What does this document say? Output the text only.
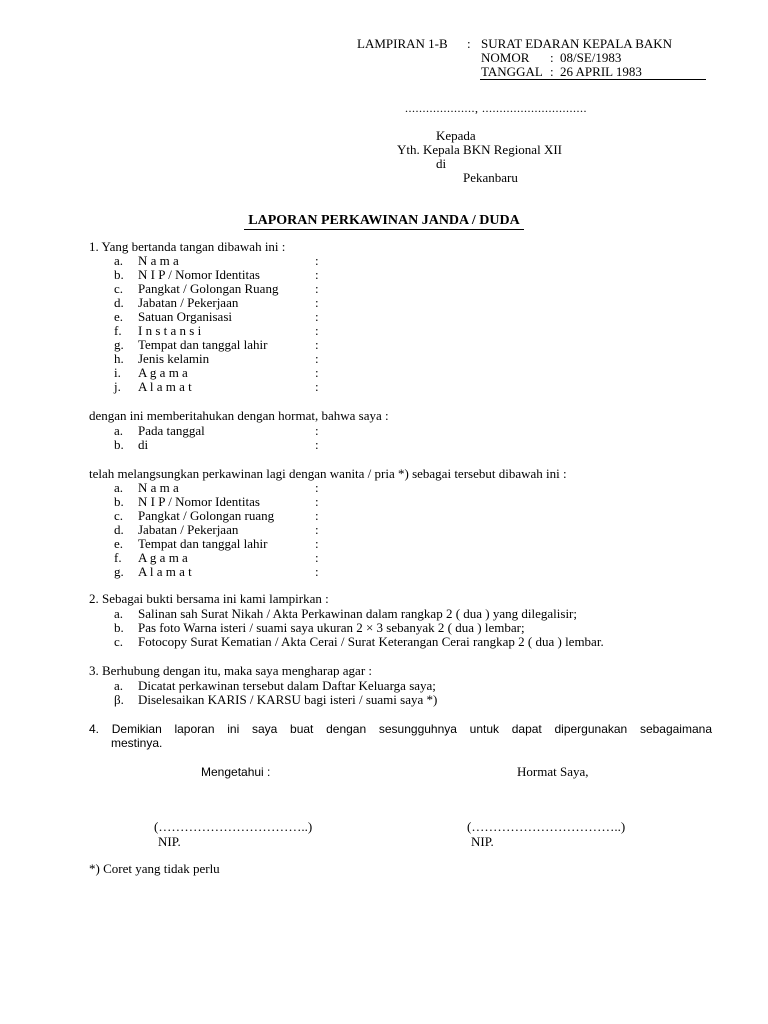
LAMPIRAN 1-B : SURAT EDARAN KEPALA BAKN
NOMOR : 08/SE/1983
TANGGAL : 26 APRIL 1983
...................., ..............................
Kepada
Yth. Kepala BKN Regional XII
di
Pekanbaru
LAPORAN PERKAWINAN JANDA / DUDA
1. Yang bertanda tangan dibawah ini :
a. N a m a	:
b. N I P / Nomor Identitas	:
c. Pangkat / Golongan Ruang	:
d. Jabatan / Pekerjaan	:
e. Satuan Organisasi	:
f. I n s t a n s i	:
g. Tempat dan tanggal lahir	:
h. Jenis kelamin	:
i. A g a m a	:
j. A l a m a t	:
dengan ini memberitahukan dengan hormat, bahwa saya :
a. Pada tanggal	:
b. di	:
telah melangsungkan perkawinan lagi dengan wanita / pria *) sebagai tersebut dibawah ini :
a. N a m a	:
b. N I P / Nomor Identitas	:
c. Pangkat / Golongan ruang	:
d. Jabatan / Pekerjaan	:
e. Tempat dan tanggal lahir	:
f. A g a m a	:
g. A l a m a t	:
2. Sebagai bukti bersama ini kami lampirkan :
a. Salinan sah Surat Nikah / Akta Perkawinan dalam rangkap 2 ( dua ) yang dilegalisir;
b. Pas foto Warna isteri / suami saya ukuran 2 × 3 sebanyak 2 ( dua ) lembar;
c. Fotocopy Surat Kematian / Akta Cerai / Surat Keterangan Cerai rangkap 2 ( dua ) lembar.
3. Berhubung dengan itu, maka saya mengharap agar :
a. Dicatat perkawinan tersebut dalam Daftar Keluarga saya;
β. Diselesaikan KARIS / KARSU bagi isteri / suami saya *)
4. Demikian laporan ini saya buat dengan sesungguhnya untuk dapat dipergunakan sebagaimana
mestinya.
Mengetahui :	Hormat Saya,
(……………………………..)
NIP.
(……………………………..)
NIP.
*) Coret yang tidak perlu
